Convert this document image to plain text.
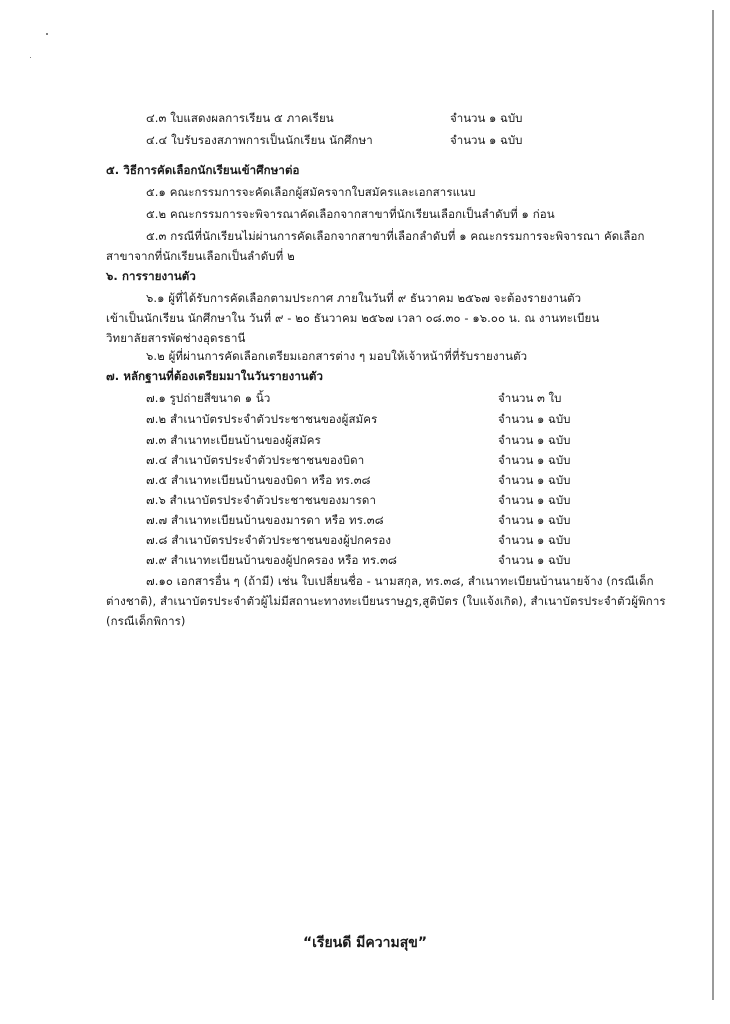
๔.๓ ใบแสดงผลการเรียน ๕ ภาคเรียน	จำนวน ๑ ฉบับ
๔.๔ ใบรับรองสภาพการเป็นนักเรียน นักศึกษา	จำนวน ๑ ฉบับ
๕. วิธีการคัดเลือกนักเรียนเข้าศึกษาต่อ
๕.๑ คณะกรรมการจะคัดเลือกผู้สมัครจากใบสมัครและเอกสารแนบ
๕.๒ คณะกรรมการจะพิจารณาคัดเลือกจากสาขาที่นักเรียนเลือกเป็นลำดับที่ ๑ ก่อน
๕.๓ กรณีที่นักเรียนไม่ผ่านการคัดเลือกจากสาขาที่เลือกลำดับที่ ๑ คณะกรรมการจะพิจารณา คัดเลือก
สาขาจากที่นักเรียนเลือกเป็นลำดับที่ ๒
๖. การรายงานตัว
๖.๑ ผู้ที่ได้รับการคัดเลือกตามประกาศ ภายในวันที่ ๙ ธันวาคม ๒๕๖๗ จะต้องรายงานตัว
เข้าเป็นนักเรียน นักศึกษาใน วันที่ ๙ - ๒๐ ธันวาคม ๒๕๖๗ เวลา ๐๘.๓๐ - ๑๖.๐๐ น. ณ งานทะเบียน
วิทยาลัยสารพัดช่างอุดรธานี
๖.๒ ผู้ที่ผ่านการคัดเลือกเตรียมเอกสารต่าง ๆ มอบให้เจ้าหน้าที่ที่รับรายงานตัว
๗. หลักฐานที่ต้องเตรียมมาในวันรายงานตัว
๗.๑ รูปถ่ายสีขนาด ๑ นิ้ว	จำนวน ๓ ใบ
๗.๒ สำเนาบัตรประจำตัวประชาชนของผู้สมัคร	จำนวน ๑ ฉบับ
๗.๓ สำเนาทะเบียนบ้านของผู้สมัคร	จำนวน ๑ ฉบับ
๗.๔ สำเนาบัตรประจำตัวประชาชนของบิดา	จำนวน ๑ ฉบับ
๗.๕ สำเนาทะเบียนบ้านของบิดา หรือ ทร.๓๘	จำนวน ๑ ฉบับ
๗.๖ สำเนาบัตรประจำตัวประชาชนของมารดา	จำนวน ๑ ฉบับ
๗.๗ สำเนาทะเบียนบ้านของมารดา หรือ ทร.๓๘	จำนวน ๑ ฉบับ
๗.๘ สำเนาบัตรประจำตัวประชาชนของผู้ปกครอง	จำนวน ๑ ฉบับ
๗.๙ สำเนาทะเบียนบ้านของผู้ปกครอง หรือ ทร.๓๘	จำนวน ๑ ฉบับ
๗.๑๐ เอกสารอื่น ๆ (ถ้ามี) เช่น ใบเปลี่ยนชื่อ - นามสกุล, ทร.๓๘, สำเนาทะเบียนบ้านนายจ้าง (กรณีเด็ก
ต่างชาติ), สำเนาบัตรประจำตัวผู้ไม่มีสถานะทางทะเบียนราษฎร,สูติบัตร (ใบแจ้งเกิด), สำเนาบัตรประจำตัวผู้พิการ
(กรณีเด็กพิการ)
“เรียนดี มีความสุข”
